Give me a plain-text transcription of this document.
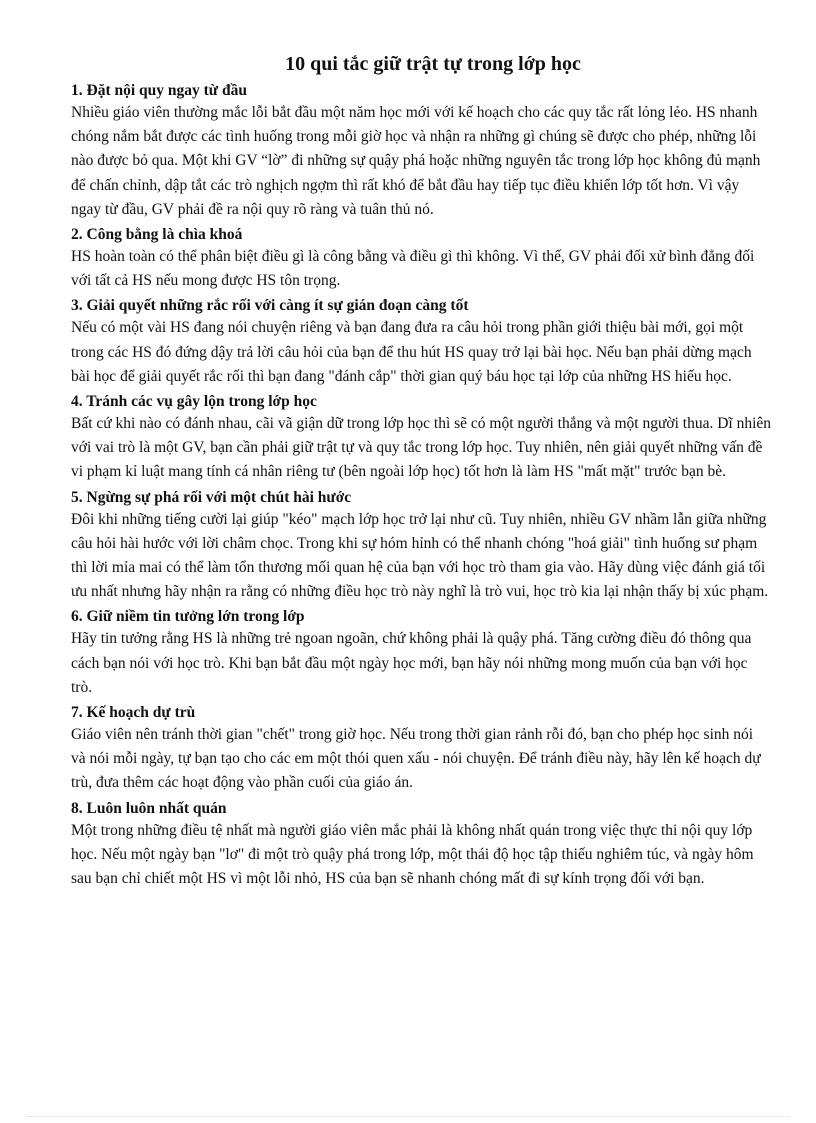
10 qui tắc giữ trật tự trong lớp học
1. Đặt nội quy ngay từ đầu

Nhiều giáo viên thường mắc lỗi bắt đầu một năm học mới với kế hoạch cho các quy tắc rất lỏng lẻo. HS nhanh chóng nắm bắt được các tình huống trong mỗi giờ học và nhận ra những gì chúng sẽ được cho phép, những lỗi nào được bỏ qua. Một khi GV “lờ” đi những sự quậy phá hoặc những nguyên tắc trong lớp học không đủ mạnh để chấn chỉnh, dập tắt các trò nghịch ngợm thì rất khó để bắt đầu hay tiếp tục điều khiển lớp tốt hơn. Vì vậy ngay từ đầu, GV phải đề ra nội quy rõ ràng và tuân thủ nó.

2. Công bằng là chìa khoá

HS hoàn toàn có thể phân biệt điều gì là công bằng và điều gì thì không. Vì thế, GV phải đối xử bình đẳng đối với tất cả HS nếu mong được HS tôn trọng.

3. Giải quyết những rắc rối với càng ít sự gián đoạn càng tốt

Nếu có một vài HS đang nói chuyện riêng và bạn đang đưa ra câu hỏi trong phần giới thiệu bài mới, gọi một trong các HS đó đứng dậy trả lời câu hỏi của bạn để thu hút HS quay trở lại bài học. Nếu bạn phải dừng mạch bài học để giải quyết rắc rối thì bạn đang "đánh cắp" thời gian quý báu học tại lớp của những HS hiếu học.

4. Tránh các vụ gây lộn trong lớp học

Bất cứ khi nào có đánh nhau, cãi vã giận dữ trong lớp học thì sẽ có một người thắng và một người thua. Dĩ nhiên với vai trò là một GV, bạn cần phải giữ trật tự và quy tắc trong lớp học. Tuy nhiên, nên giải quyết những vấn đề vi phạm kỉ luật mang tính cá nhân riêng tư (bên ngoài lớp học) tốt hơn là làm HS "mất mặt" trước bạn bè.

5. Ngừng sự phá rối với một chút hài hước

Đôi khi những tiếng cười lại giúp "kéo" mạch lớp học trở lại như cũ. Tuy nhiên, nhiều GV nhầm lẫn giữa những câu hỏi hài hước với lời châm chọc. Trong khi sự hóm hỉnh có thể nhanh chóng "hoá giải" tình huống sư phạm thì lời mỉa mai có thể làm tổn thương mối quan hệ của bạn với học trò tham gia vào. Hãy dùng việc đánh giá tối ưu nhất nhưng hãy nhận ra rằng có những điều học trò này nghĩ là trò vui, học trò kia lại nhận thấy bị xúc phạm.

6. Giữ niềm tin tưởng lớn trong lớp

Hãy tin tưởng rằng HS là những trẻ ngoan ngoãn, chứ không phải là quậy phá. Tăng cường điều đó thông qua cách bạn nói với học trò. Khi bạn bắt đầu một ngày học mới, bạn hãy nói những mong muốn của bạn với học trò.

7. Kế hoạch dự trù

Giáo viên nên tránh thời gian "chết" trong giờ học. Nếu trong thời gian rảnh rỗi đó, bạn cho phép học sinh nói và nói mỗi ngày, tự bạn tạo cho các em một thói quen xấu - nói chuyện. Để tránh điều này, hãy lên kế hoạch dự trù, đưa thêm các hoạt động vào phần cuối của giáo án.

8. Luôn luôn nhất quán

Một trong những điều tệ nhất mà người giáo viên mắc phải là không nhất quán trong việc thực thi nội quy lớp học. Nếu một ngày bạn "lơ" đi một trò quậy phá trong lớp, một thái độ học tập thiếu nghiêm túc, và ngày hôm sau bạn chỉ chiết một HS vì một lỗi nhỏ, HS của bạn sẽ nhanh chóng mất đi sự kính trọng đối với bạn.
